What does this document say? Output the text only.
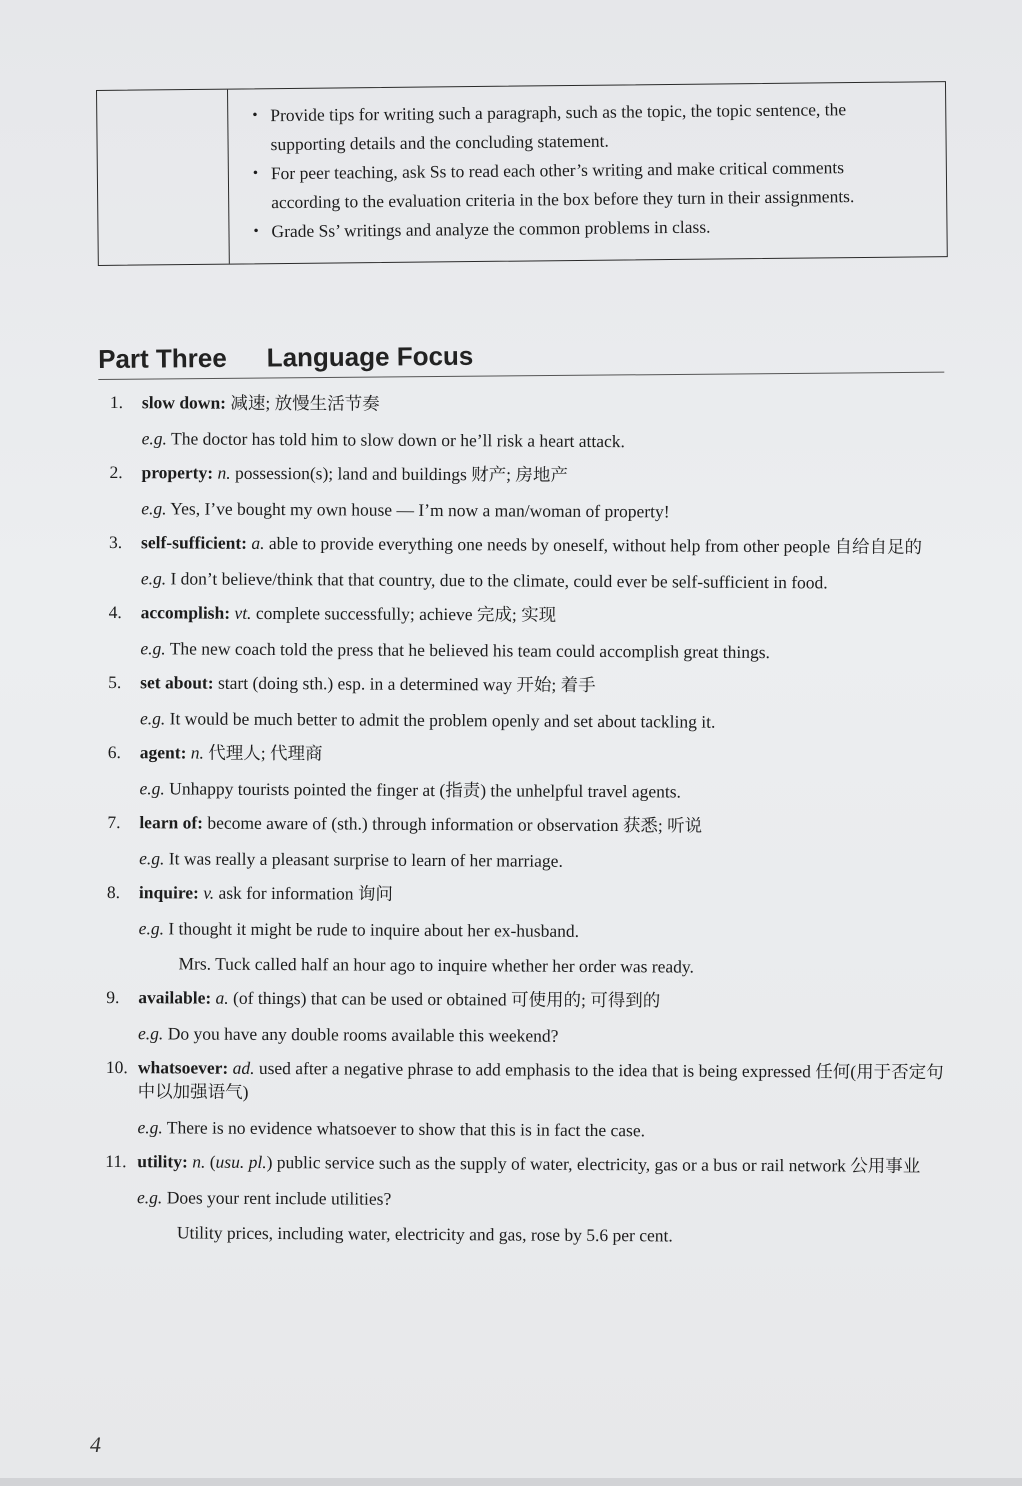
• Provide tips for writing such a paragraph, such as the topic, the topic sentence, the supporting details and the concluding statement.
• For peer teaching, ask Ss to read each other’s writing and make critical comments according to the evaluation criteria in the box before they turn in their assignments.
• Grade Ss’ writings and analyze the common problems in class.
Part Three Language Focus
1. slow down: 减速; 放慢生活节奏
e.g. The doctor has told him to slow down or he’ll risk a heart attack.
2. property: n. possession(s); land and buildings 财产; 房地产
e.g. Yes, I’ve bought my own house — I’m now a man/woman of property!
3. self-sufficient: a. able to provide everything one needs by oneself, without help from other people 自给自足的
e.g. I don’t believe/think that that country, due to the climate, could ever be self-sufficient in food.
4. accomplish: vt. complete successfully; achieve 完成; 实现
e.g. The new coach told the press that he believed his team could accomplish great things.
5. set about: start (doing sth.) esp. in a determined way 开始; 着手
e.g. It would be much better to admit the problem openly and set about tackling it.
6. agent: n. 代理人; 代理商
e.g. Unhappy tourists pointed the finger at (指责) the unhelpful travel agents.
7. learn of: become aware of (sth.) through information or observation 获悉; 听说
e.g. It was really a pleasant surprise to learn of her marriage.
8. inquire: v. ask for information 询问
e.g. I thought it might be rude to inquire about her ex-husband.
Mrs. Tuck called half an hour ago to inquire whether her order was ready.
9. available: a. (of things) that can be used or obtained 可使用的; 可得到的
e.g. Do you have any double rooms available this weekend?
10. whatsoever: ad. used after a negative phrase to add emphasis to the idea that is being expressed 任何(用于否定句中以加强语气)
e.g. There is no evidence whatsoever to show that this is in fact the case.
11. utility: n. (usu. pl.) public service such as the supply of water, electricity, gas or a bus or rail network 公用事业
e.g. Does your rent include utilities?
Utility prices, including water, electricity and gas, rose by 5.6 per cent.
4
